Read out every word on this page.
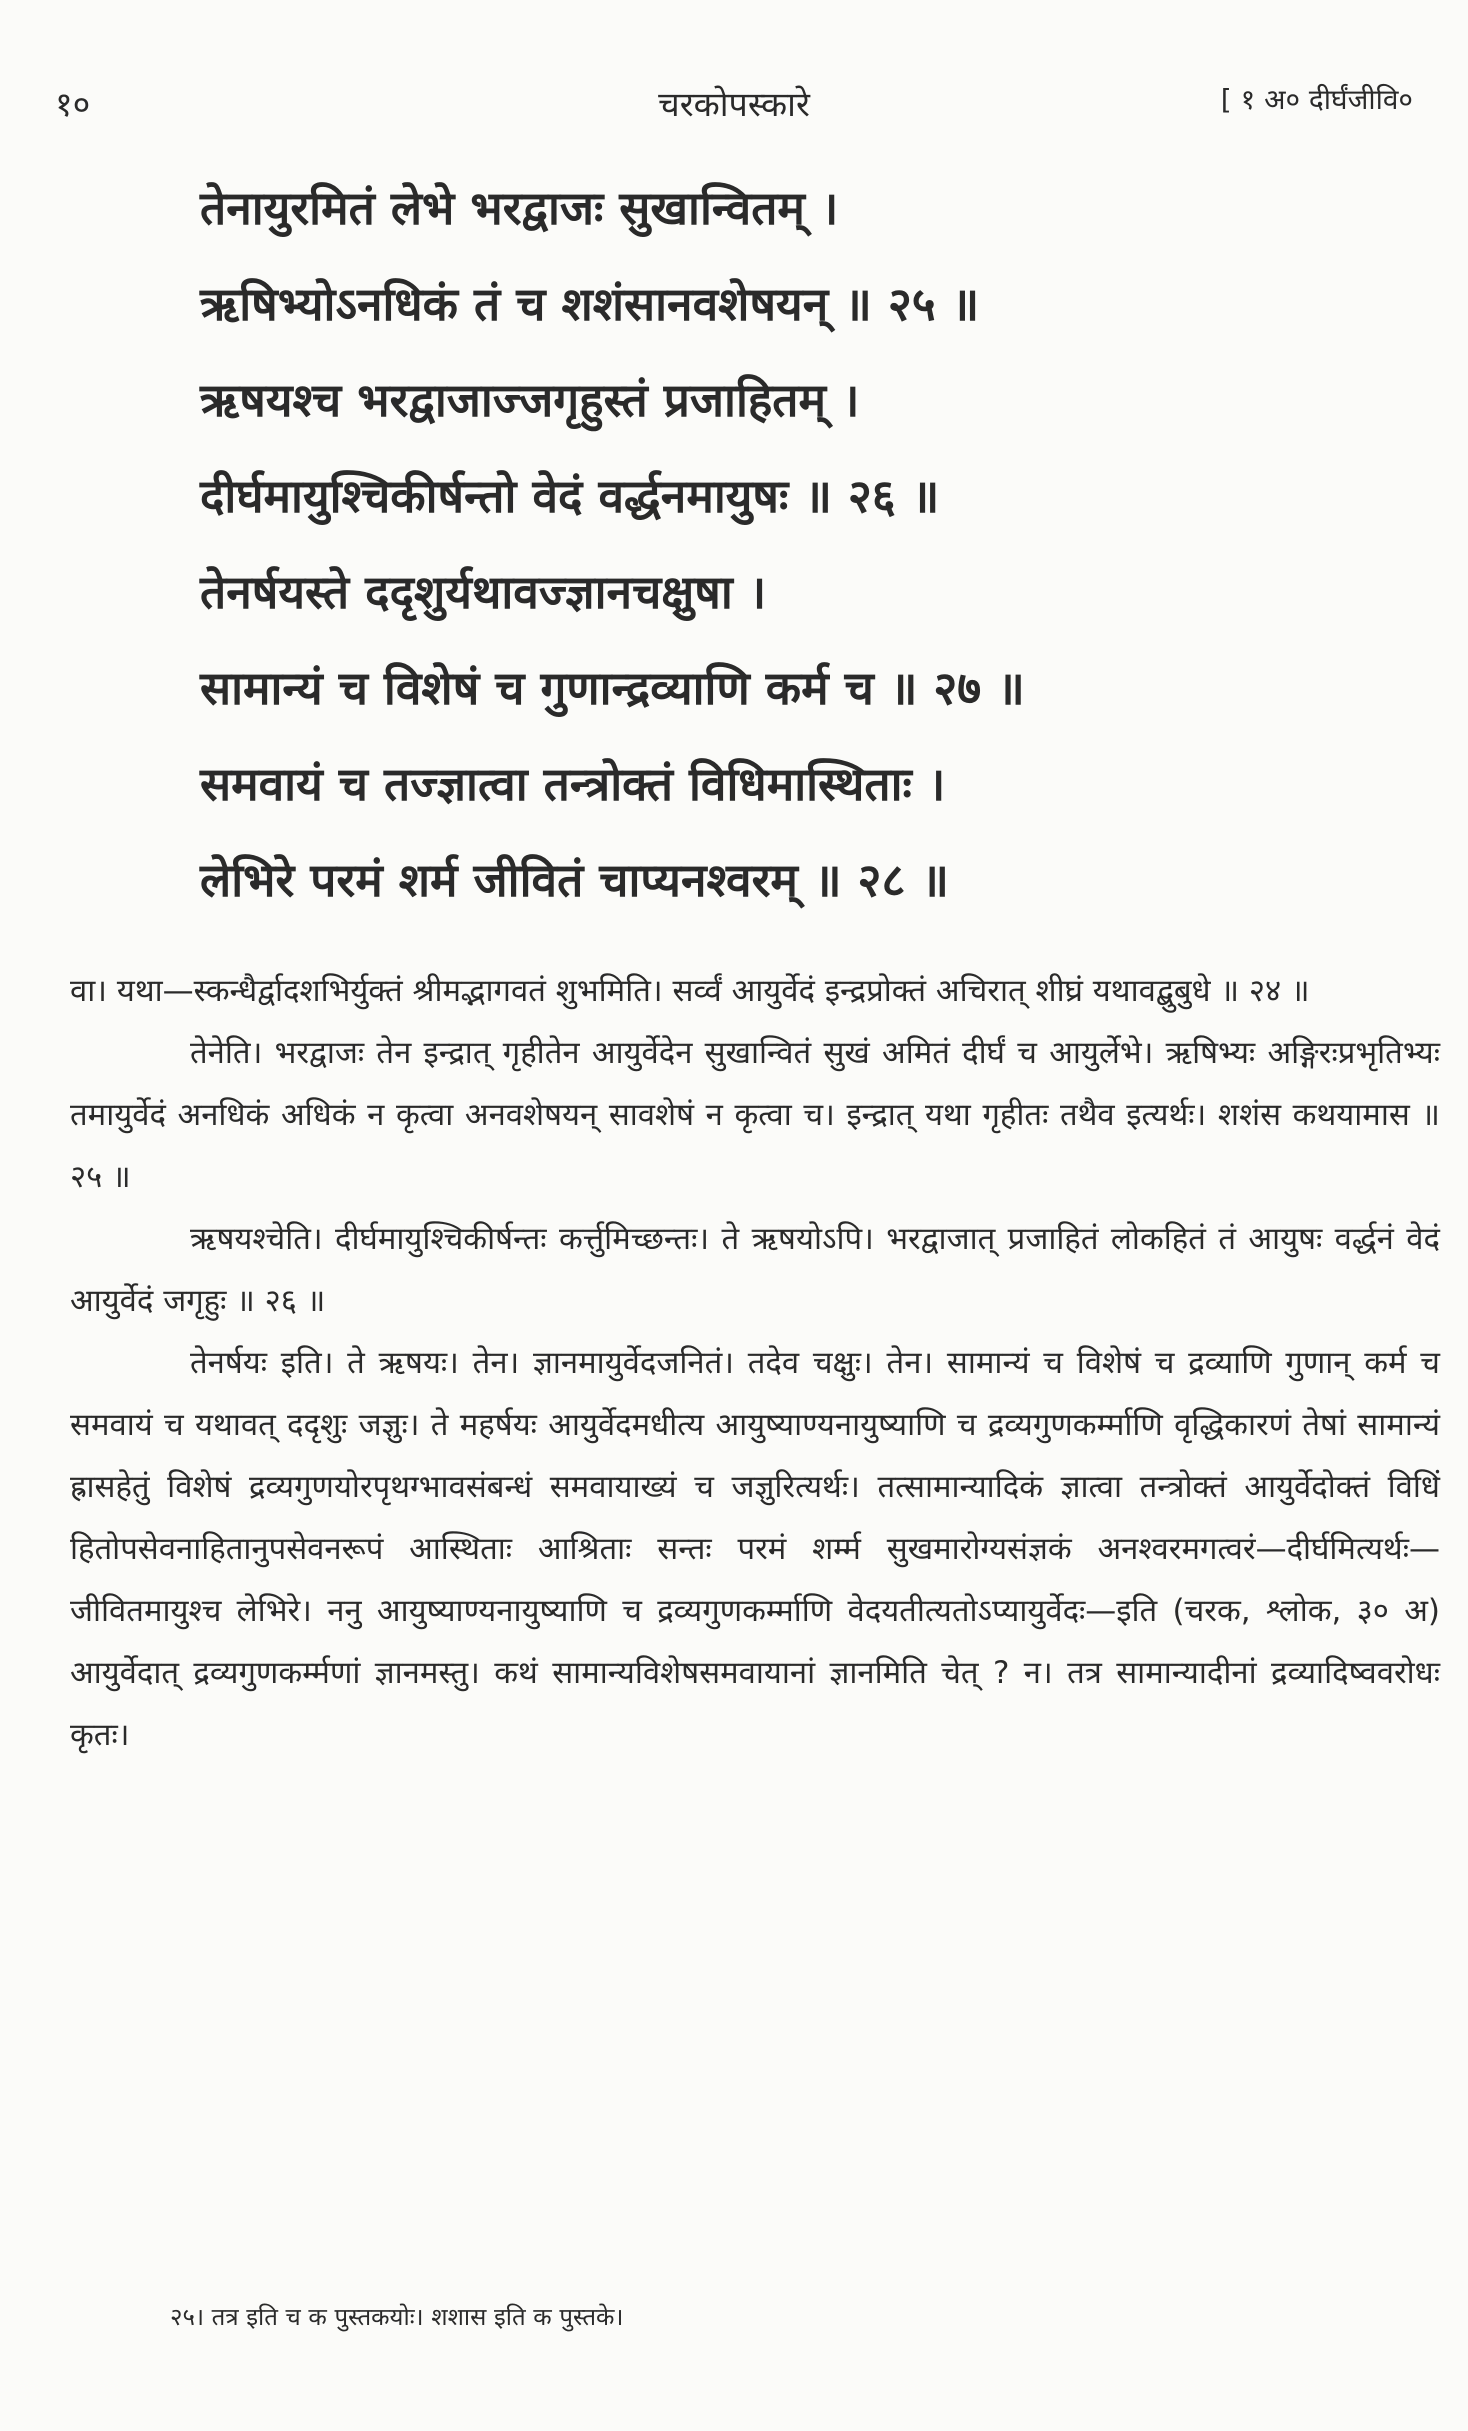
१०	चरकोपस्कारे	[ १ अ० दीर्घंजीवि०
तेनायुरमितं लेभे भरद्वाजः सुखान्वितम् ।
ऋषिभ्योऽनधिकं तं च शशंसानवशेषयन् ॥ २५ ॥
ऋषयश्च भरद्वाजाज्जगृहुस्तं प्रजाहितम् ।
दीर्घमायुश्चिकीर्षन्तो वेदं वर्द्धनमायुषः ॥ २६ ॥
तेनर्षयस्ते ददृशुर्यथावज्ज्ञानचक्षुषा ।
सामान्यं च विशेषं च गुणान्द्रव्याणि कर्म च ॥ २७ ॥
समवायं च तज्ज्ञात्वा तन्त्रोक्तं विधिमास्थिताः ।
लेभिरे परमं शर्म जीवितं चाप्यनश्वरम् ॥ २८ ॥

वा। यथा—स्कन्धैर्द्वादशभिर्युक्तं श्रीमद्भागवतं शुभमिति। सर्व्वं आयुर्वेदं इन्द्रप्रोक्तं अचिरात् शीघ्रं यथावद्बुबुधे ॥ २४ ॥

तेनेति। भरद्वाजः तेन इन्द्रात् गृहीतेन आयुर्वेदेन सुखान्वितं सुखं अमितं दीर्घं च आयुर्लेभे। ऋषिभ्यः अङ्गिरःप्रभृतिभ्यः तमायुर्वेदं अनधिकं अधिकं न कृत्वा अनवशेषयन् सावशेषं न कृत्वा च। इन्द्रात् यथा गृहीतः तथैव इत्यर्थः। शशंस कथयामास ॥ २५ ॥

ऋषयश्चेति। दीर्घमायुश्चिकीर्षन्तः कर्त्तुमिच्छन्तः। ते ऋषयोऽपि। भरद्वाजात् प्रजाहितं लोकहितं तं आयुषः वर्द्धनं वेदं आयुर्वेदं जगृहुः ॥ २६ ॥

तेनर्षयः इति। ते ऋषयः। तेन। ज्ञानमायुर्वेदजनितं। तदेव चक्षुः। तेन। सामान्यं च विशेषं च द्रव्याणि गुणान् कर्म च समवायं च यथावत् ददृशुः जज्ञुः। ते महर्षयः आयुर्वेदमधीत्य आयुष्याण्यनायुष्याणि च द्रव्यगुणकर्म्माणि वृद्धिकारणं तेषां सामान्यं ह्रासहेतुं विशेषं द्रव्यगुणयोरपृथग्भावसंबन्धं समवायाख्यं च जज्ञुरित्यर्थः। तत्सामान्यादिकं ज्ञात्वा तन्त्रोक्तं आयुर्वेदोक्तं विधिं हितोपसेवनाहितानुपसेवनरूपं आस्थिताः आश्रिताः सन्तः परमं शर्म्म सुखमारोग्यसंज्ञकं अनश्वरमगत्वरं—दीर्घमित्यर्थः—जीवितमायुश्च लेभिरे। ननु आयुष्याण्यनायुष्याणि च द्रव्यगुणकर्म्माणि वेदयतीत्यतोऽप्यायुर्वेदः—इति (चरक, श्लोक, ३० अ) आयुर्वेदात् द्रव्यगुणकर्म्मणां ज्ञानमस्तु। कथं सामान्यविशेषसमवायानां ज्ञानमिति चेत् ? न। तत्र सामान्यादीनां द्रव्यादिष्ववरोधः कृतः।

२५। तत्र इति च क पुस्तकयोः। शशास इति क पुस्तके।
